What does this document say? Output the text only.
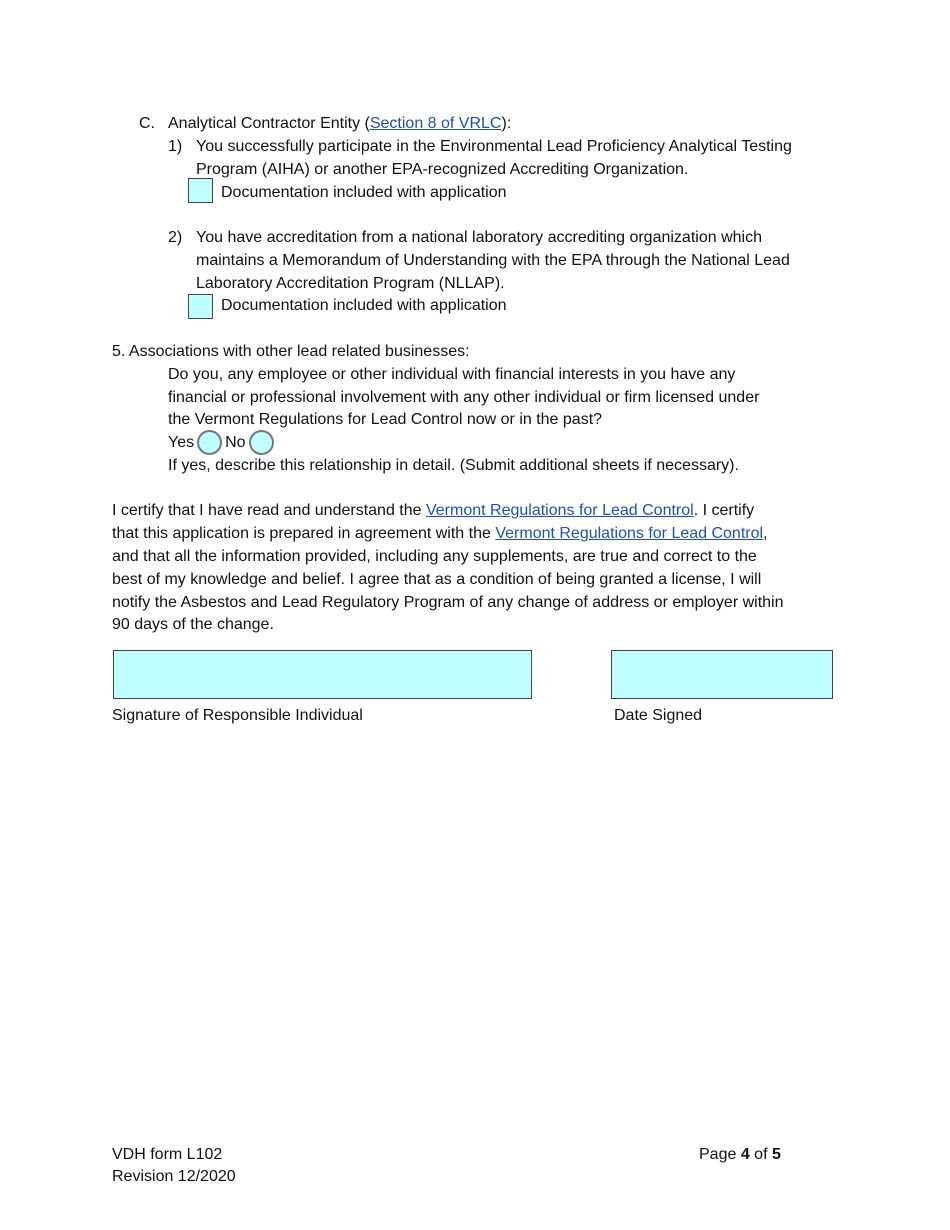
C. Analytical Contractor Entity (Section 8 of VRLC):
1) You successfully participate in the Environmental Lead Proficiency Analytical Testing
Program (AIHA) or another EPA-recognized Accrediting Organization.
Documentation included with application
2) You have accreditation from a national laboratory accrediting organization which
maintains a Memorandum of Understanding with the EPA through the National Lead
Laboratory Accreditation Program (NLLAP).
Documentation included with application
5. Associations with other lead related businesses:
Do you, any employee or other individual with financial interests in you have any
financial or professional involvement with any other individual or firm licensed under
the Vermont Regulations for Lead Control now or in the past?
Yes No
If yes, describe this relationship in detail. (Submit additional sheets if necessary).
I certify that I have read and understand the Vermont Regulations for Lead Control. I certify
that this application is prepared in agreement with the Vermont Regulations for Lead Control,
and that all the information provided, including any supplements, are true and correct to the
best of my knowledge and belief. I agree that as a condition of being granted a license, I will
notify the Asbestos and Lead Regulatory Program of any change of address or employer within
90 days of the change.
Signature of Responsible Individual	Date Signed
VDH form L102
Revision 12/2020
Page 4 of 5
